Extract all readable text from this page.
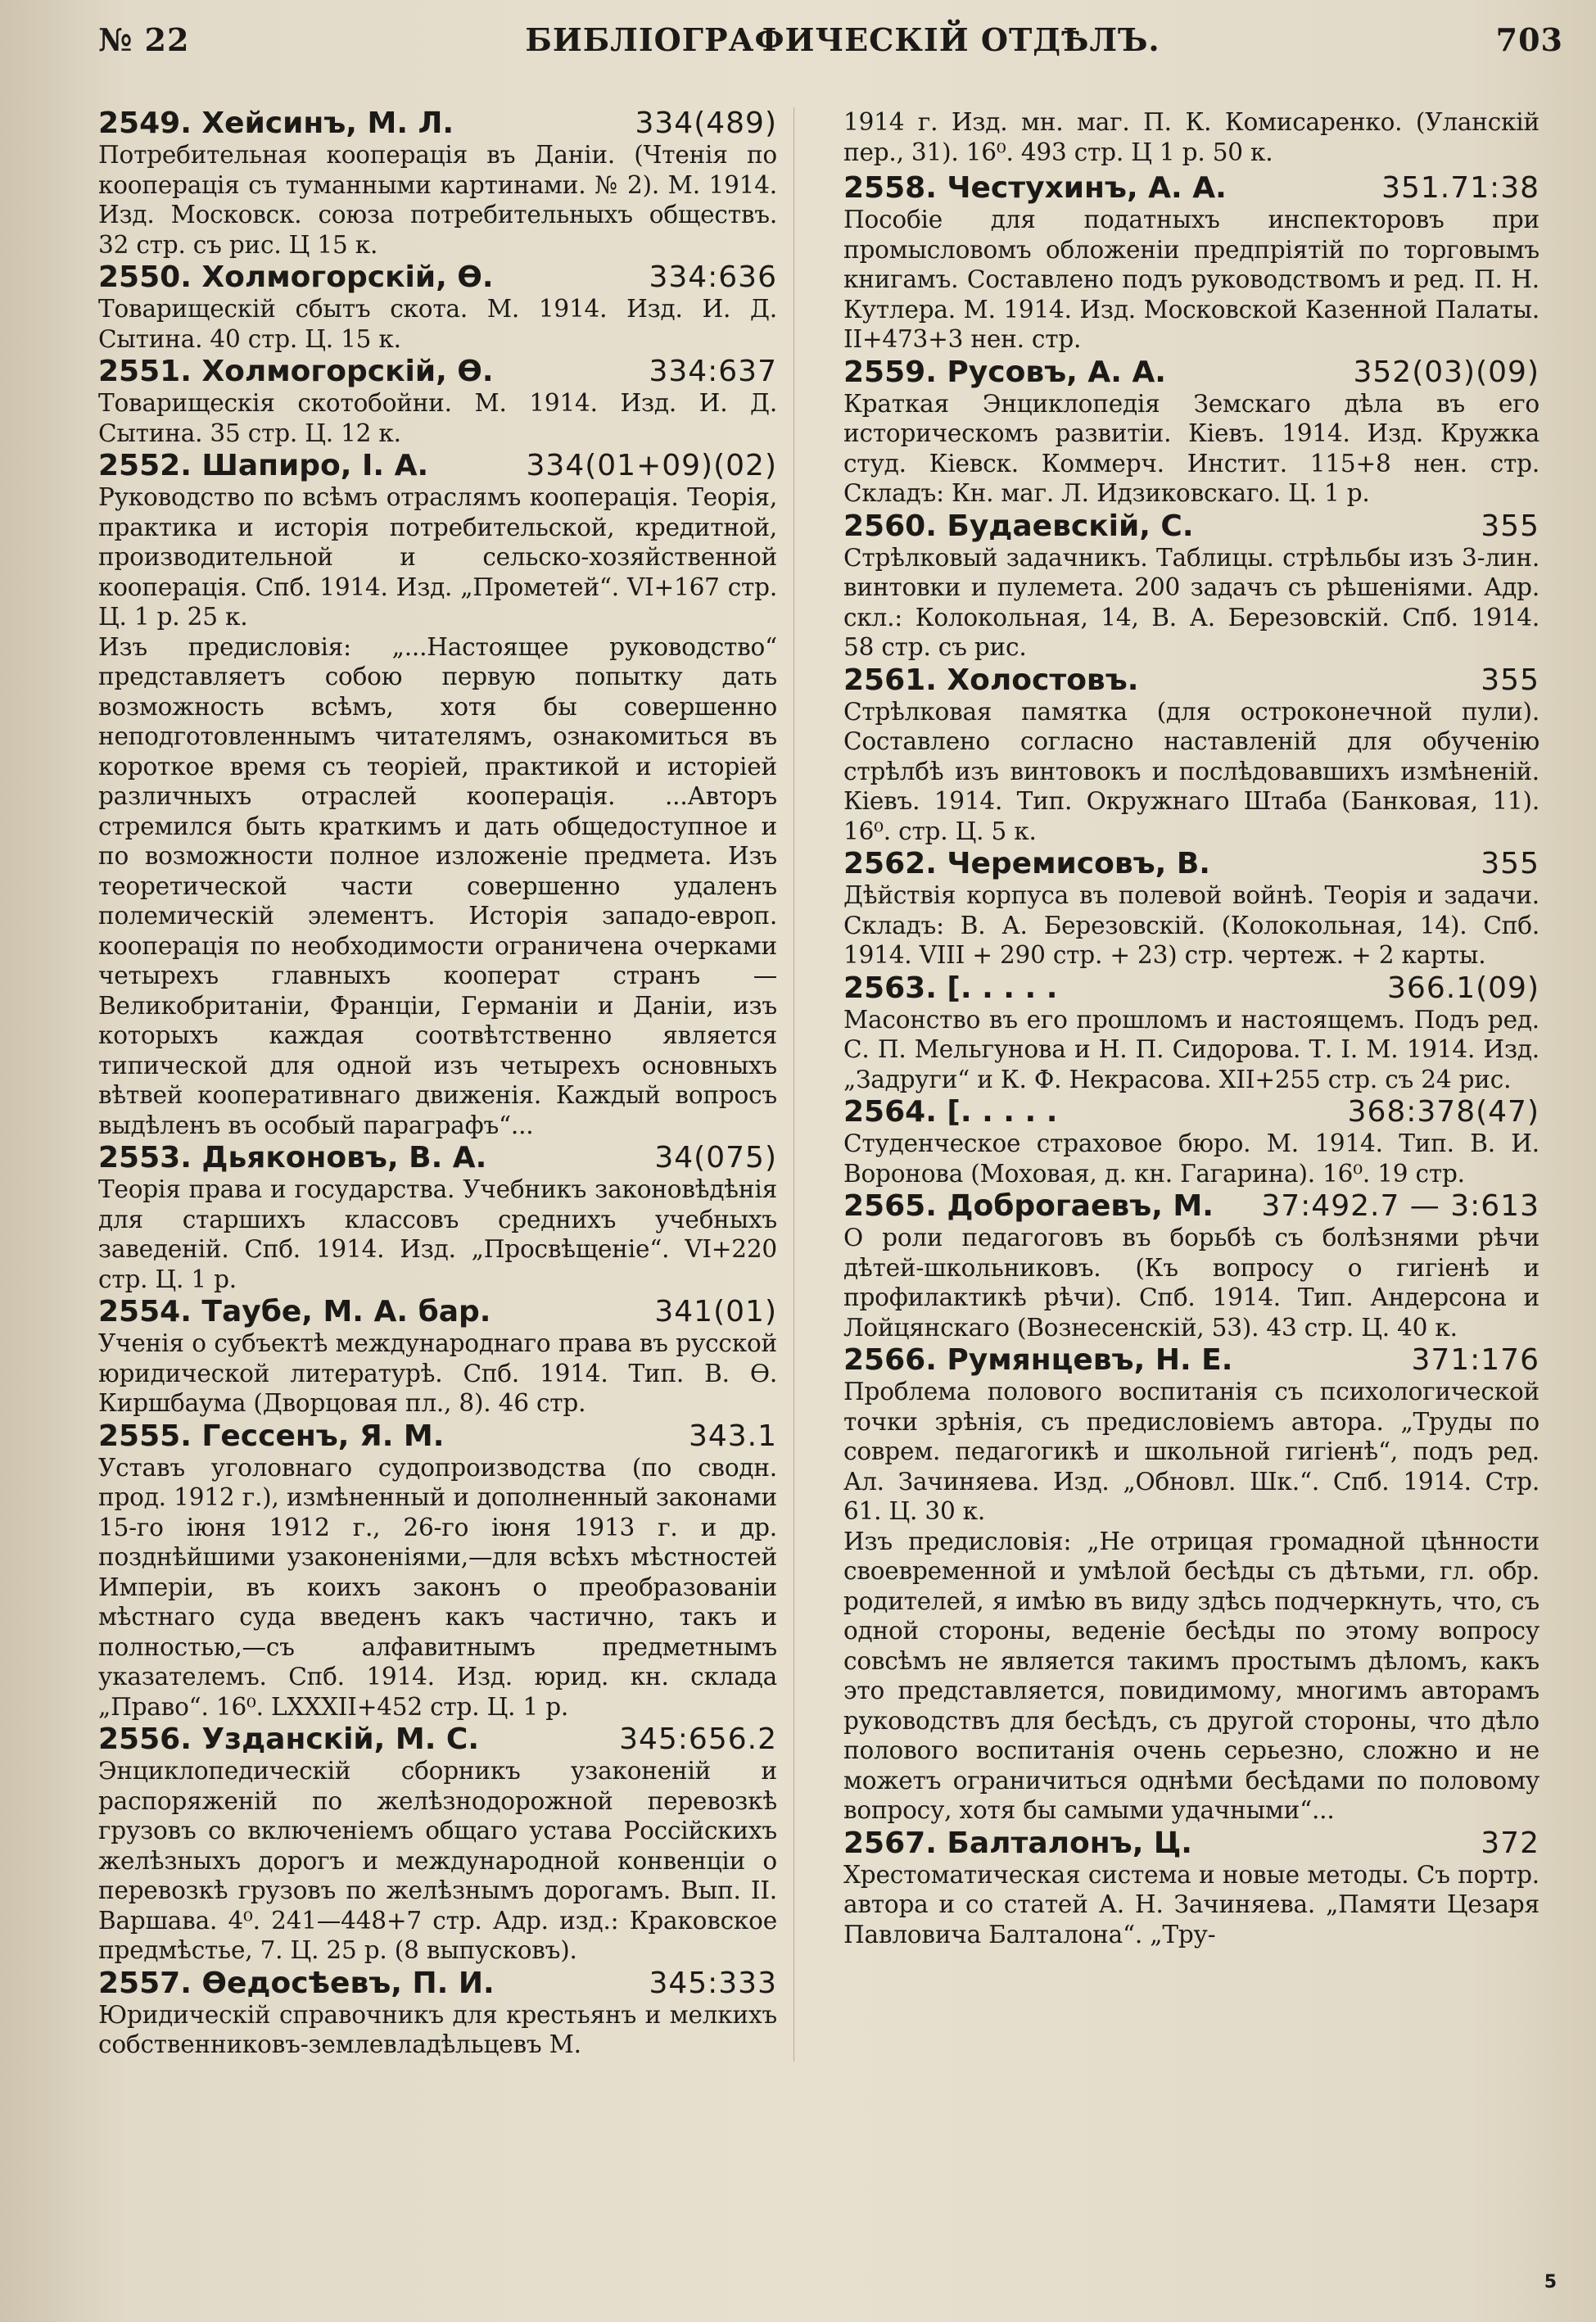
№ 22	БИБЛІОГРАФИЧЕСКІЙ ОТДѢЛЪ.	703
2549. Хейсинъ, М. Л.	334(489)

Потребительная кооперація въ Даніи. (Чтенія по кооперація съ туманными картинами. № 2). М. 1914. Изд. Московск. союза потребительныхъ обществъ. 32 стр. съ рис. Ц 15 к.

2550. Холмогорскій, Ѳ.	334:636

Товарищескій сбытъ скота. М. 1914. Изд. И. Д. Сытина. 40 стр. Ц. 15 к.

2551. Холмогорскій, Ѳ.	334:637

Товарищескія скотобойни. М. 1914. Изд. И. Д. Сытина. 35 стр. Ц. 12 к.

2552. Шапиро, І. А.	334(01+09)(02)

Руководство по всѣмъ отраслямъ кооперація. Теорія, практика и исторія потребительской, кредитной, производительной и сельско-хозяйственной кооперація. Спб. 1914. Изд. „Прометей“. VI+167 стр. Ц. 1 р. 25 к.

Изъ предисловія: „...Настоящее руководство“ представляетъ собою первую попытку дать возможность всѣмъ, хотя бы совершенно неподготовленнымъ читателямъ, ознакомиться въ короткое время съ теоріей, практикой и исторіей различныхъ отраслей кооперація. ...Авторъ стремился быть краткимъ и дать общедоступное и по возможности полное изложеніе предмета. Изъ теоретической части совершенно удаленъ полемическій элементъ. Исторія западо-европ. кооперація по необходимости ограничена очерками четырехъ главныхъ кооперат странъ — Великобританіи, Франціи, Германіи и Даніи, изъ которыхъ каждая соотвѣтственно является типической для одной изъ четырехъ основныхъ вѣтвей кооперативнаго движенія. Каждый вопросъ выдѣленъ въ особый параграфъ“...

2553. Дьяконовъ, В. А.	34(075)

Теорія права и государства. Учебникъ законовѣдѣнія для старшихъ классовъ среднихъ учебныхъ заведеній. Спб. 1914. Изд. „Просвѣщеніе“. VI+220 стр. Ц. 1 р.

2554. Таубе, М. А. бар.	341(01)

Ученія о субъектѣ международнаго права въ русской юридической литературѣ. Спб. 1914. Тип. В. Ѳ. Киршбаума (Дворцовая пл., 8). 46 стр.

2555. Гессенъ, Я. М.	343.1

Уставъ уголовнаго судопроизводства (по сводн. прод. 1912 г.), измѣненный и дополненный законами 15-го іюня 1912 г., 26-го іюня 1913 г. и др. позднѣйшими узаконеніями,—для всѣхъ мѣстностей Имперіи, въ коихъ законъ о преобразованіи мѣстнаго суда введенъ какъ частично, такъ и полностью,—съ алфавитнымъ предметнымъ указателемъ. Спб. 1914. Изд. юрид. кн. склада „Право“. 16⁰. LXXXII+452 стр. Ц. 1 р.

2556. Узданскій, М. С.	345:656.2

Энциклопедическій сборникъ узаконеній и распоряженій по желѣзнодорожной перевозкѣ грузовъ со включеніемъ общаго устава Россійскихъ желѣзныхъ дорогъ и международной конвенціи о перевозкѣ грузовъ по желѣзнымъ дорогамъ. Вып. II. Варшава. 4⁰. 241—448+7 стр. Адр. изд.: Краковское предмѣстье, 7. Ц. 25 р. (8 выпусковъ).

2557. Ѳедосѣевъ, П. И.	345:333

Юридическій справочникъ для крестьянъ и мелкихъ собственниковъ-землевладѣльцевъ М.

1914 г. Изд. мн. маг. П. К. Комисаренко. (Уланскій пер., 31). 16⁰. 493 стр. Ц 1 р. 50 к.

2558. Честухинъ, А. А.	351.71:38

Пособіе для податныхъ инспекторовъ при промысловомъ обложеніи предпріятій по торговымъ книгамъ. Составлено подъ руководствомъ и ред. П. Н. Кутлера. М. 1914. Изд. Московской Казенной Палаты. II+473+3 нен. стр.

2559. Русовъ, А. А.	352(03)(09)

Краткая Энциклопедія Земскаго дѣла въ его историческомъ развитіи. Кіевъ. 1914. Изд. Кружка студ. Кіевск. Коммерч. Инстит. 115+8 нен. стр. Складъ: Кн. маг. Л. Идзиковскаго. Ц. 1 р.

2560. Будаевскій, С.	355

Стрѣлковый задачникъ. Таблицы. стрѣльбы изъ 3-лин. винтовки и пулемета. 200 задачъ съ рѣшеніями. Адр. скл.: Колокольная, 14, В. А. Березовскій. Спб. 1914. 58 стр. съ рис.

2561. Холостовъ.	355

Стрѣлковая памятка (для остроконечной пули). Составлено согласно наставленій для обученію стрѣлбѣ изъ винтовокъ и послѣдовавшихъ измѣненій. Кіевъ. 1914. Тип. Окружнаго Штаба (Банковая, 11). 16⁰. стр. Ц. 5 к.

2562. Черемисовъ, В.	355

Дѣйствія корпуса въ полевой войнѣ. Теорія и задачи. Складъ: В. А. Березовскій. (Колокольная, 14). Спб. 1914. VIII + 290 стр. + 23) стр. чертеж. + 2 карты.

2563. [. . . . .	366.1(09)

Масонство въ его прошломъ и настоящемъ. Подъ ред. С. П. Мельгунова и Н. П. Сидорова. Т. I. М. 1914. Изд. „Задруги“ и К. Ф. Некрасова. XII+255 стр. съ 24 рис.

2564. [. . . . .	368:378(47)

Студенческое страховое бюро. М. 1914. Тип. В. И. Воронова (Моховая, д. кн. Гагарина). 16⁰. 19 стр.

2565. Доброгаевъ, М. 37:492.7 — 3:613

О роли педагоговъ въ борьбѣ съ болѣзнями рѣчи дѣтей-школьниковъ. (Къ вопросу о гигіенѣ и профилактикѣ рѣчи). Спб. 1914. Тип. Андерсона и Лойцянскаго (Вознесенскій, 53). 43 стр. Ц. 40 к.

2566. Румянцевъ, Н. Е.	371:176

Проблема полового воспитанія съ психологической точки зрѣнія, съ предисловіемъ автора. „Труды по соврем. педагогикѣ и школьной гигіенѣ“, подъ ред. Ал. Зачиняева. Изд. „Обновл. Шк.“. Спб. 1914. Стр. 61. Ц. 30 к.

Изъ предисловія: „Не отрицая громадной цѣнности своевременной и умѣлой бесѣды съ дѣтьми, гл. обр. родителей, я имѣю въ виду здѣсь подчеркнуть, что, съ одной стороны, веденіе бесѣды по этому вопросу совсѣмъ не является такимъ простымъ дѣломъ, какъ это представляется, повидимому, многимъ авторамъ руководствъ для бесѣдъ, съ другой стороны, что дѣло полового воспитанія очень серьезно, сложно и не можетъ ограничиться однѣми бесѣдами по половому вопросу, хотя бы самыми удачными“...

2567. Балталонъ, Ц.	372

Хрестоматическая система и новые методы. Съ портр. автора и со статей А. Н. Зачиняева. „Памяти Цезаря Павловича Балталона“. „Тру-

5
